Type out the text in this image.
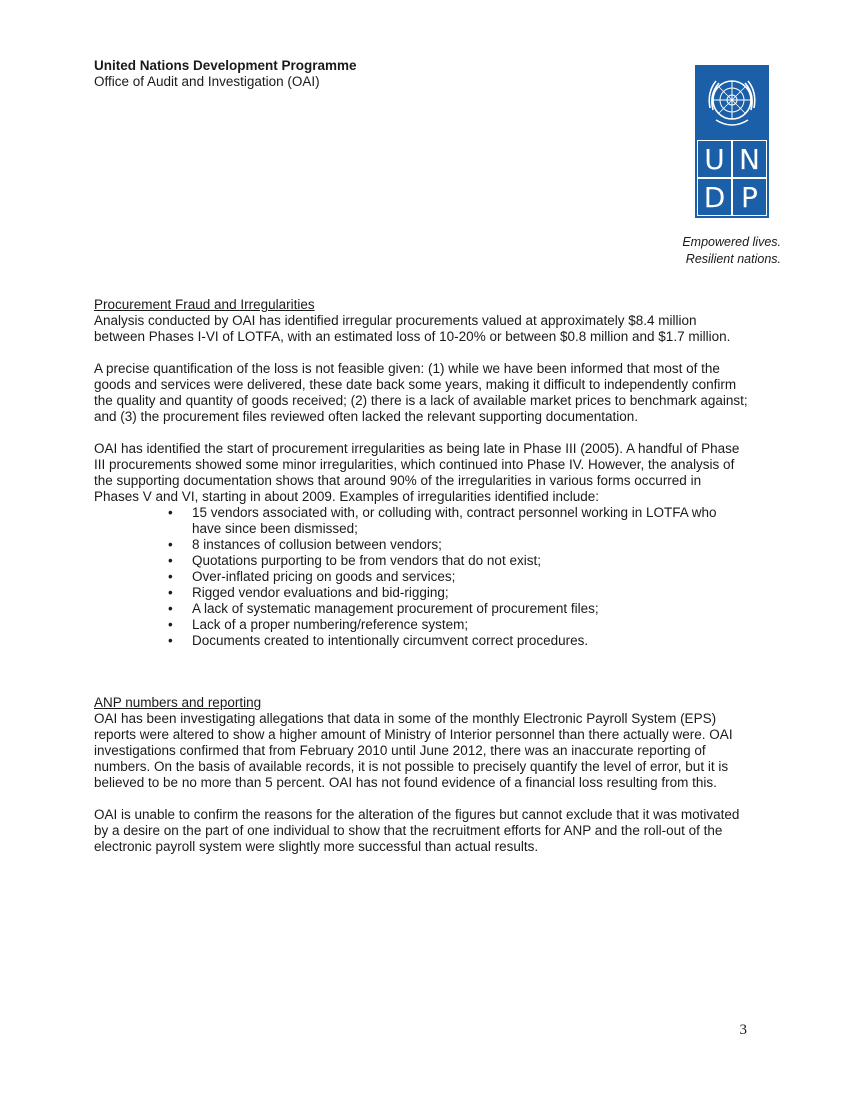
United Nations Development Programme
Office of Audit and Investigation (OAI)
U N
D P
Empowered lives.
Resilient nations.
Procurement Fraud and Irregularities

Analysis conducted by OAI has identified irregular procurements valued at approximately $8.4 million between Phases I-VI of LOTFA, with an estimated loss of 10-20% or between $0.8 million and $1.7 million.

A precise quantification of the loss is not feasible given: (1) while we have been informed that most of the goods and services were delivered, these date back some years, making it difficult to independently confirm the quality and quantity of goods received; (2) there is a lack of available market prices to benchmark against; and (3) the procurement files reviewed often lacked the relevant supporting documentation.

OAI has identified the start of procurement irregularities as being late in Phase III (2005). A handful of Phase III procurements showed some minor irregularities, which continued into Phase IV. However, the analysis of the supporting documentation shows that around 90% of the irregularities in various forms occurred in Phases V and VI, starting in about 2009. Examples of irregularities identified include:

• 15 vendors associated with, or colluding with, contract personnel working in LOTFA who have since been dismissed;
• 8 instances of collusion between vendors;
• Quotations purporting to be from vendors that do not exist;
• Over-inflated pricing on goods and services;
• Rigged vendor evaluations and bid-rigging;
• A lack of systematic management procurement of procurement files;
• Lack of a proper numbering/reference system;
• Documents created to intentionally circumvent correct procedures.
ANP numbers and reporting

OAI has been investigating allegations that data in some of the monthly Electronic Payroll System (EPS) reports were altered to show a higher amount of Ministry of Interior personnel than there actually were. OAI investigations confirmed that from February 2010 until June 2012, there was an inaccurate reporting of numbers. On the basis of available records, it is not possible to precisely quantify the level of error, but it is believed to be no more than 5 percent. OAI has not found evidence of a financial loss resulting from this.

OAI is unable to confirm the reasons for the alteration of the figures but cannot exclude that it was motivated by a desire on the part of one individual to show that the recruitment efforts for ANP and the roll-out of the electronic payroll system were slightly more successful than actual results.

3
